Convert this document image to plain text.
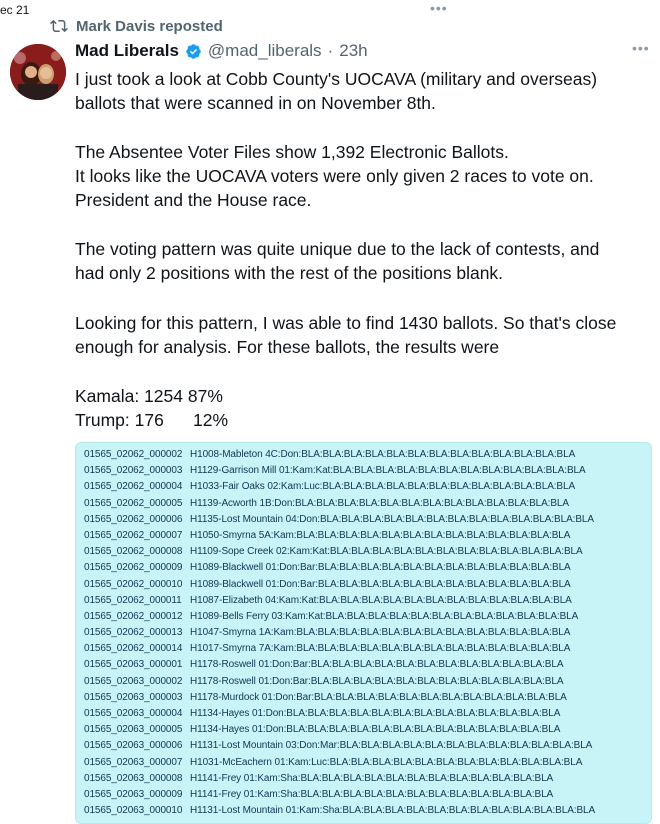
ec 21	•••
Mark Davis reposted
Mad Liberals @mad_liberals · 23h	•••
I just took a look at Cobb County's UOCAVA (military and overseas)
ballots that were scanned in on November 8th.
The Absentee Voter Files show 1,392 Electronic Ballots.
It looks like the UOCAVA voters were only given 2 races to vote on.
President and the House race.
The voting pattern was quite unique due to the lack of contests, and
had only 2 positions with the rest of the positions blank.
Looking for this pattern, I was able to find 1430 ballots. So that's close
enough for analysis. For these ballots, the results were
Kamala: 1254 87%
Trump: 176      12%
01565_02062_000002 H1008-Mableton 4C:Don:BLA:BLA:BLA:BLA:BLA:BLA:BLA:BLA:BLA:BLA:BLA:BLA:BLA
01565_02062_000003 H1129-Garrison Mill 01:Kam:Kat:BLA:BLA:BLA:BLA:BLA:BLA:BLA:BLA:BLA:BLA:BLA:BLA
01565_02062_000004 H1033-Fair Oaks 02:Kam:Luc:BLA:BLA:BLA:BLA:BLA:BLA:BLA:BLA:BLA:BLA:BLA:BLA
01565_02062_000005 H1139-Acworth 1B:Don:BLA:BLA:BLA:BLA:BLA:BLA:BLA:BLA:BLA:BLA:BLA:BLA:BLA
01565_02062_000006 H1135-Lost Mountain 04:Don:BLA:BLA:BLA:BLA:BLA:BLA:BLA:BLA:BLA:BLA:BLA:BLA:BLA
01565_02062_000007 H1050-Smyrna 5A:Kam:BLA:BLA:BLA:BLA:BLA:BLA:BLA:BLA:BLA:BLA:BLA:BLA:BLA
01565_02062_000008 H1109-Sope Creek 02:Kam:Kat:BLA:BLA:BLA:BLA:BLA:BLA:BLA:BLA:BLA:BLA:BLA:BLA
01565_02062_000009 H1089-Blackwell 01:Don:Bar:BLA:BLA:BLA:BLA:BLA:BLA:BLA:BLA:BLA:BLA:BLA:BLA
01565_02062_000010 H1089-Blackwell 01:Don:Bar:BLA:BLA:BLA:BLA:BLA:BLA:BLA:BLA:BLA:BLA:BLA:BLA
01565_02062_000011 H1087-Elizabeth 04:Kam:Kat:BLA:BLA:BLA:BLA:BLA:BLA:BLA:BLA:BLA:BLA:BLA:BLA
01565_02062_000012 H1089-Bells Ferry 03:Kam:Kat:BLA:BLA:BLA:BLA:BLA:BLA:BLA:BLA:BLA:BLA:BLA:BLA
01565_02062_000013 H1047-Smyrna 1A:Kam:BLA:BLA:BLA:BLA:BLA:BLA:BLA:BLA:BLA:BLA:BLA:BLA:BLA
01565_02062_000014 H1017-Smyrna 7A:Kam:BLA:BLA:BLA:BLA:BLA:BLA:BLA:BLA:BLA:BLA:BLA:BLA:BLA
01565_02063_000001 H1178-Roswell 01:Don:Bar:BLA:BLA:BLA:BLA:BLA:BLA:BLA:BLA:BLA:BLA:BLA:BLA
01565_02063_000002 H1178-Roswell 01:Don:Bar:BLA:BLA:BLA:BLA:BLA:BLA:BLA:BLA:BLA:BLA:BLA:BLA
01565_02063_000003 H1178-Murdock 01:Don:Bar:BLA:BLA:BLA:BLA:BLA:BLA:BLA:BLA:BLA:BLA:BLA:BLA
01565_02063_000004 H1134-Hayes 01:Don:BLA:BLA:BLA:BLA:BLA:BLA:BLA:BLA:BLA:BLA:BLA:BLA:BLA
01565_02063_000005 H1134-Hayes 01:Don:BLA:BLA:BLA:BLA:BLA:BLA:BLA:BLA:BLA:BLA:BLA:BLA:BLA
01565_02063_000006 H1131-Lost Mountain 03:Don:Mar:BLA:BLA:BLA:BLA:BLA:BLA:BLA:BLA:BLA:BLA:BLA:BLA
01565_02063_000007 H1031-McEachern 01:Kam:Luc:BLA:BLA:BLA:BLA:BLA:BLA:BLA:BLA:BLA:BLA:BLA:BLA
01565_02063_000008 H1141-Frey 01:Kam:Sha:BLA:BLA:BLA:BLA:BLA:BLA:BLA:BLA:BLA:BLA:BLA:BLA
01565_02063_000009 H1141-Frey 01:Kam:Sha:BLA:BLA:BLA:BLA:BLA:BLA:BLA:BLA:BLA:BLA:BLA:BLA
01565_02063_000010 H1131-Lost Mountain 01:Kam:Sha:BLA:BLA:BLA:BLA:BLA:BLA:BLA:BLA:BLA:BLA:BLA:BLA
